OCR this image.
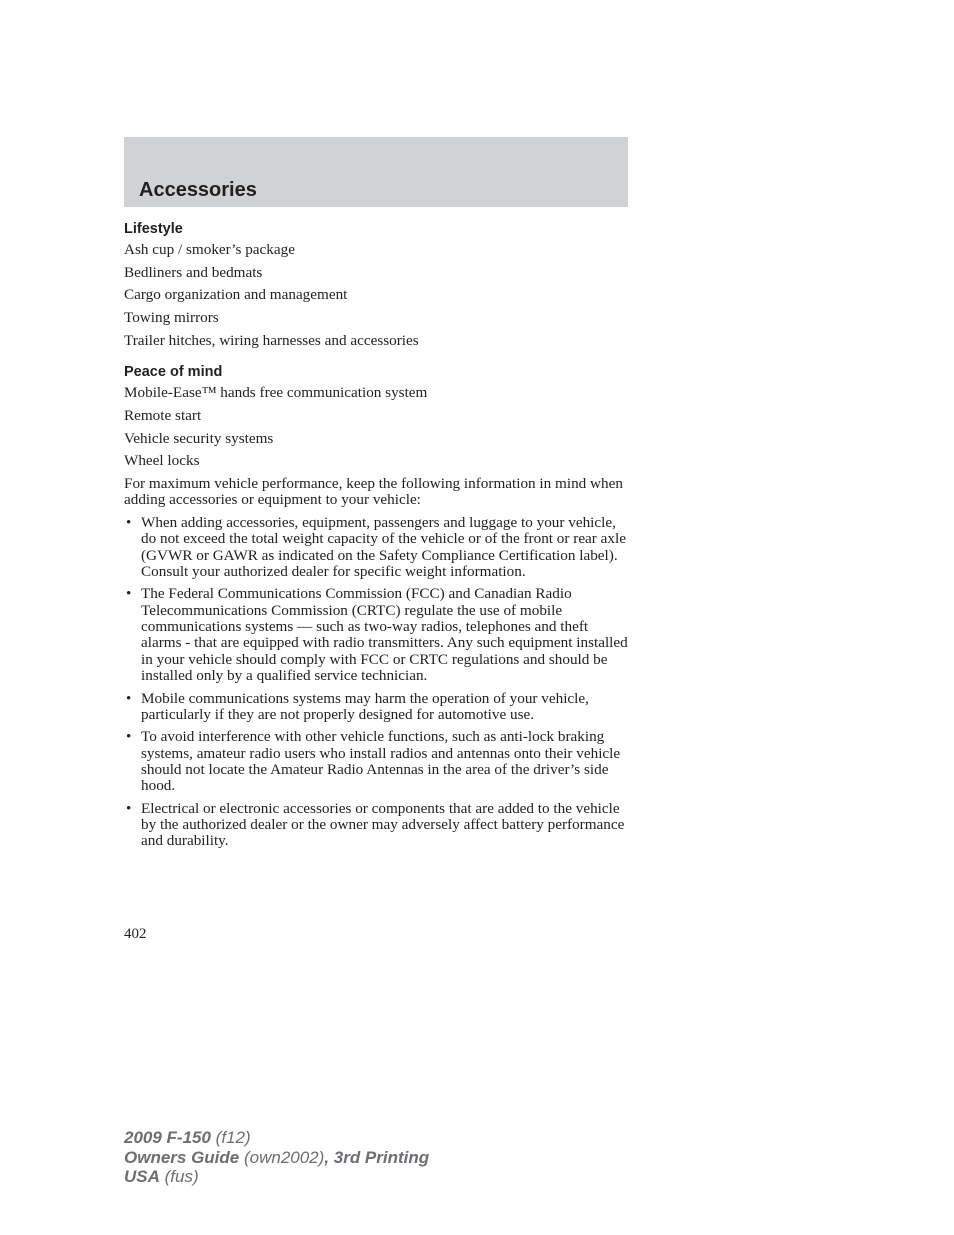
Accessories
Lifestyle

Ash cup / smoker’s package

Bedliners and bedmats

Cargo organization and management

Towing mirrors

Trailer hitches, wiring harnesses and accessories

Peace of mind

Mobile-Ease™ hands free communication system

Remote start

Vehicle security systems

Wheel locks

For maximum vehicle performance, keep the following information in mind when adding accessories or equipment to your vehicle:

• When adding accessories, equipment, passengers and luggage to your vehicle, do not exceed the total weight capacity of the vehicle or of the front or rear axle (GVWR or GAWR as indicated on the Safety Compliance Certification label). Consult your authorized dealer for specific weight information.
• The Federal Communications Commission (FCC) and Canadian Radio Telecommunications Commission (CRTC) regulate the use of mobile communications systems — such as two-way radios, telephones and theft alarms - that are equipped with radio transmitters. Any such equipment installed in your vehicle should comply with FCC or CRTC regulations and should be installed only by a qualified service technician.
• Mobile communications systems may harm the operation of your vehicle, particularly if they are not properly designed for automotive use.
• To avoid interference with other vehicle functions, such as anti-lock braking systems, amateur radio users who install radios and antennas onto their vehicle should not locate the Amateur Radio Antennas in the area of the driver’s side hood.
• Electrical or electronic accessories or components that are added to the vehicle by the authorized dealer or the owner may adversely affect battery performance and durability.
402
2009 F-150 (f12)
Owners Guide (own2002), 3rd Printing
USA (fus)
